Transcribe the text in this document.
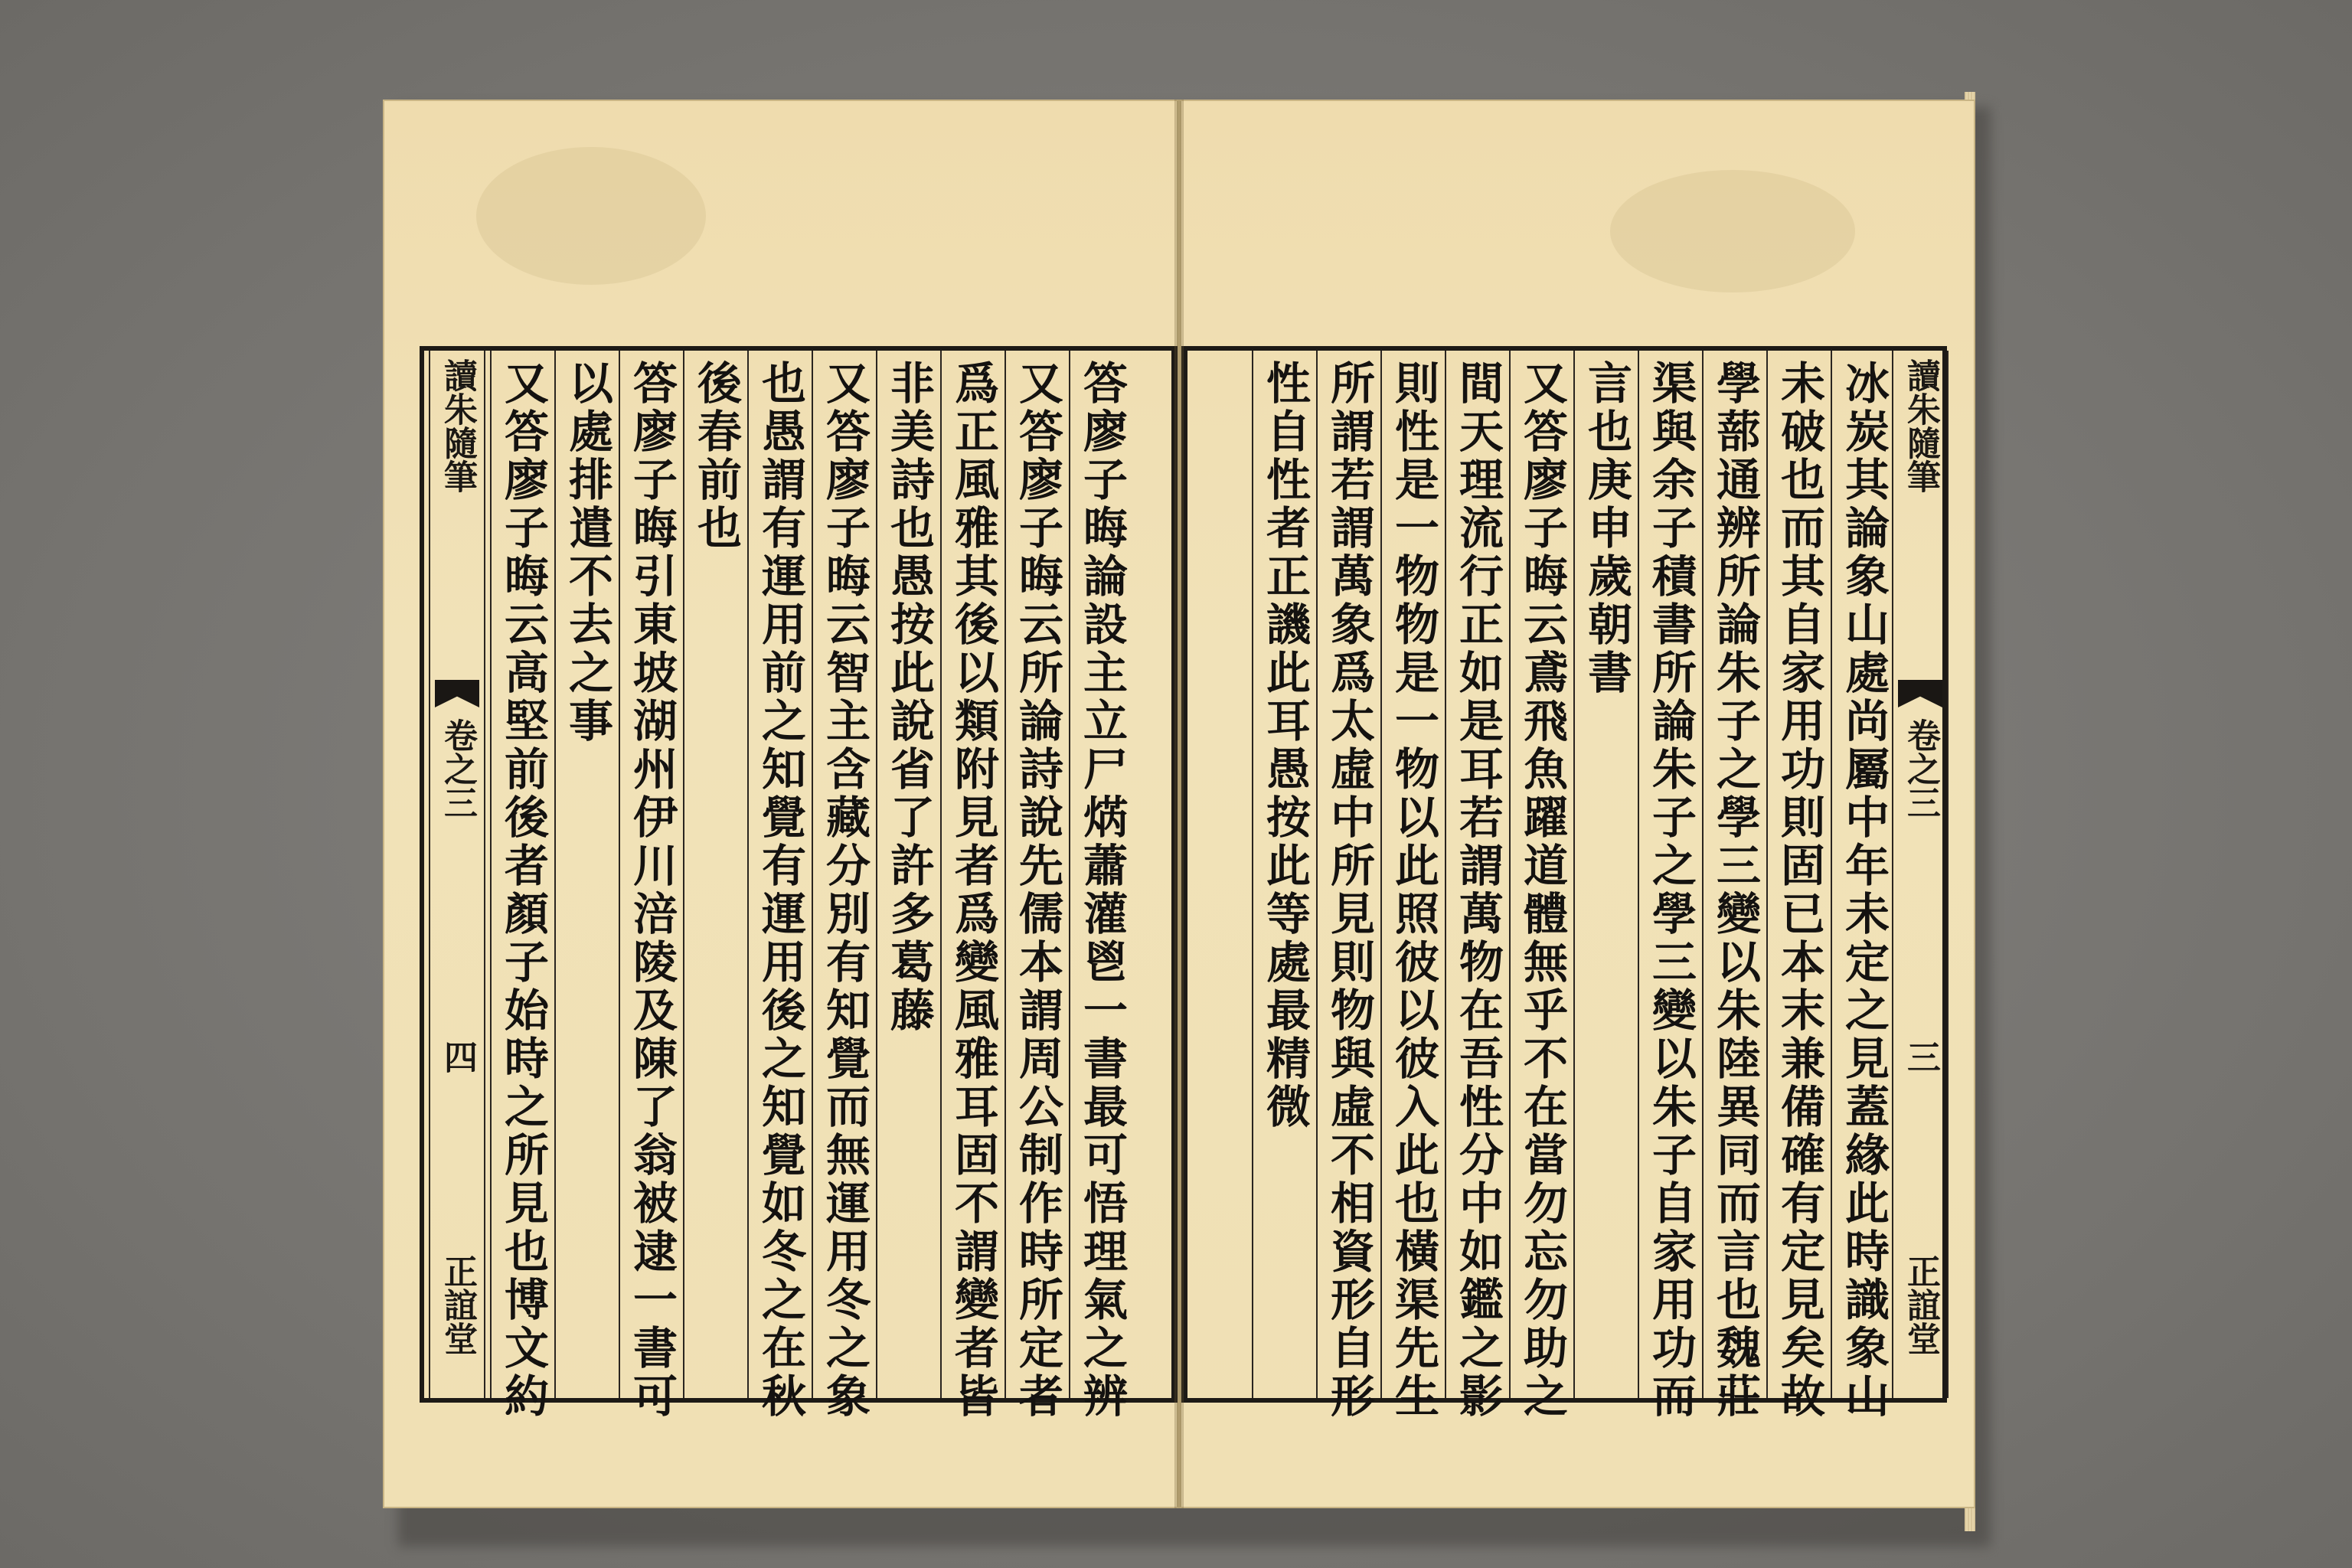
答廖子晦論設主立尸焫蕭灌鬯一書最可悟理氣之辨
又答廖子晦云所論詩說先儒本謂周公制作時所定者
爲正風雅其後以類附見者爲變風雅耳固不謂變者皆
非美詩也愚按此說省了許多葛藤
又答廖子晦云智主含藏分別有知覺而無運用冬之象
也愚謂有運用前之知覺有運用後之知覺如冬之在秋
後春前也
答廖子晦引東坡湖州伊川涪陵及陳了翁被逮一書可
以處排遣不去之事
又答廖子晦云高堅前後者顏子始時之所見也博文約
讀朱隨筆
卷之三
四
正誼堂	冰炭其論象山處尚屬中年未定之見蓋緣此時識象山
未破也而其自家用功則固已本末兼備確有定見矣故
學蔀通辨所論朱子之學三變以朱陸異同而言也魏莊
渠與余子積書所論朱子之學三變以朱子自家用功而
言也庚申歲朝書
又答廖子晦云鳶飛魚躍道體無乎不在當勿忘勿助之
間天理流行正如是耳若謂萬物在吾性分中如鑑之影
則性是一物物是一物以此照彼以彼入此也橫渠先生
所謂若謂萬象爲太虛中所見則物與虛不相資形自形
性自性者正譏此耳愚按此等處最精微	讀朱隨筆
卷之三
三
正誼堂
